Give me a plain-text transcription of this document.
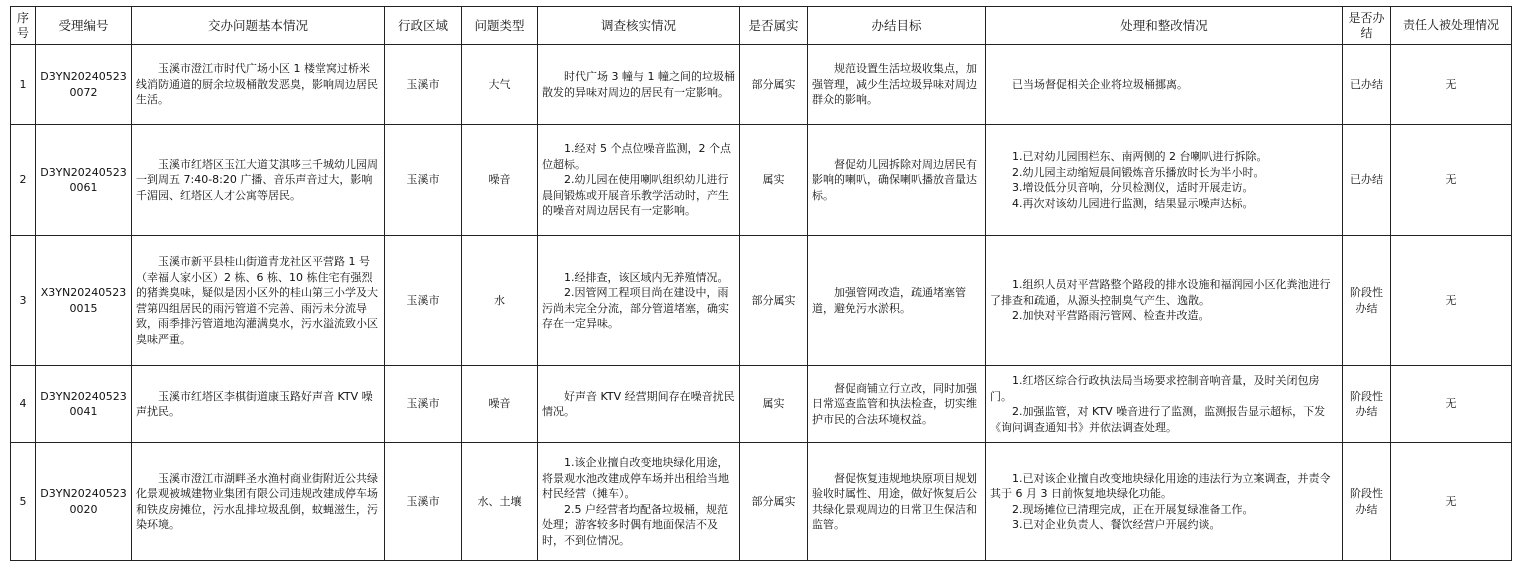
序号	受理编号	交办问题基本情况	行政区域	问题类型	调查核实情况	是否属实	办结目标	处理和整改情况	是否办结	责任人被处理情况
1	D3YN202405230072	玉溪市澄江市时代广场小区 1 楼堂窝过桥米线消防通道的厨余垃圾桶散发恶臭，影响周边居民生活。	玉溪市	大气	时代广场 3 幢与 1 幢之间的垃圾桶散发的异味对周边的居民有一定影响。	部分属实	规范设置生活垃圾收集点，加强管理，减少生活垃圾异味对周边群众的影响。	已当场督促相关企业将垃圾桶挪离。	已办结	无
2	D3YN202405230061	玉溪市红塔区玉江大道艾淇哆三千城幼儿园周一到周五 7:40-8:20 广播、音乐声音过大，影响千湄园、红塔区人才公寓等居民。	玉溪市	噪音	1.经对 5 个点位噪音监测，2 个点位超标。
2.幼儿园在使用喇叭组织幼儿进行晨间锻炼或开展音乐教学活动时，产生的噪音对周边居民有一定影响。	属实	督促幼儿园拆除对周边居民有影响的喇叭，确保喇叭播放音量达标。	1.已对幼儿园围栏东、南两侧的 2 台喇叭进行拆除。
2.幼儿园主动缩短晨间锻炼音乐播放时长为半小时。
3.增设低分贝音响，分贝检测仪，适时开展走访。
4.再次对该幼儿园进行监测，结果显示噪声达标。	已办结	无
3	X3YN202405230015	玉溪市新平县桂山街道青龙社区平营路 1 号（幸福人家小区）2 栋、6 栋、10 栋住宅有强烈的猪粪臭味，疑似是因小区外的桂山第三小学及大营第四组居民的雨污管道不完善、雨污未分流导致，雨季排污管道地沟灌满臭水，污水溢流致小区臭味严重。	玉溪市	水	1.经排查，该区域内无养殖情况。
2.因管网工程项目尚在建设中，雨污尚未完全分流，部分管道堵塞，确实存在一定异味。	部分属实	加强管网改造，疏通堵塞管道，避免污水淤积。	1.组织人员对平营路整个路段的排水设施和福润园小区化粪池进行了排查和疏通，从源头控制臭气产生、逸散。
2.加快对平营路雨污管网、检查井改造。	阶段性办结	无
4	D3YN202405230041	玉溪市红塔区李棋街道康玉路好声音 KTV 噪声扰民。	玉溪市	噪音	好声音 KTV 经营期间存在噪音扰民情况。	属实	督促商铺立行立改，同时加强日常巡查监管和执法检查，切实维护市民的合法环境权益。	1.红塔区综合行政执法局当场要求控制音响音量，及时关闭包房门。
2.加强监管，对 KTV 噪音进行了监测，监测报告显示超标，下发《询问调查通知书》并依法调查处理。	阶段性办结	无
5	D3YN202405230020	玉溪市澄江市湖畔圣水渔村商业街附近公共绿化景观被城建物业集团有限公司违规改建成停车场和铁皮房摊位，污水乱排垃圾乱倒，蚊蝇滋生，污染环境。	玉溪市	水、土壤	1.该企业擅自改变地块绿化用途，将景观水池改建成停车场并出租给当地村民经营（摊车）。
2.5 户经营者均配备垃圾桶，规范处理；游客较多时偶有地面保洁不及时，不到位情况。	部分属实	督促恢复违规地块原项目规划验收时属性、用途，做好恢复后公共绿化景观周边的日常卫生保洁和监管。	1.已对该企业擅自改变地块绿化用途的违法行为立案调查，并责令其于 6 月 3 日前恢复地块绿化功能。
2.现场摊位已清理完成，正在开展复绿准备工作。
3.已对企业负责人、餐饮经营户开展约谈。	阶段性办结	无
